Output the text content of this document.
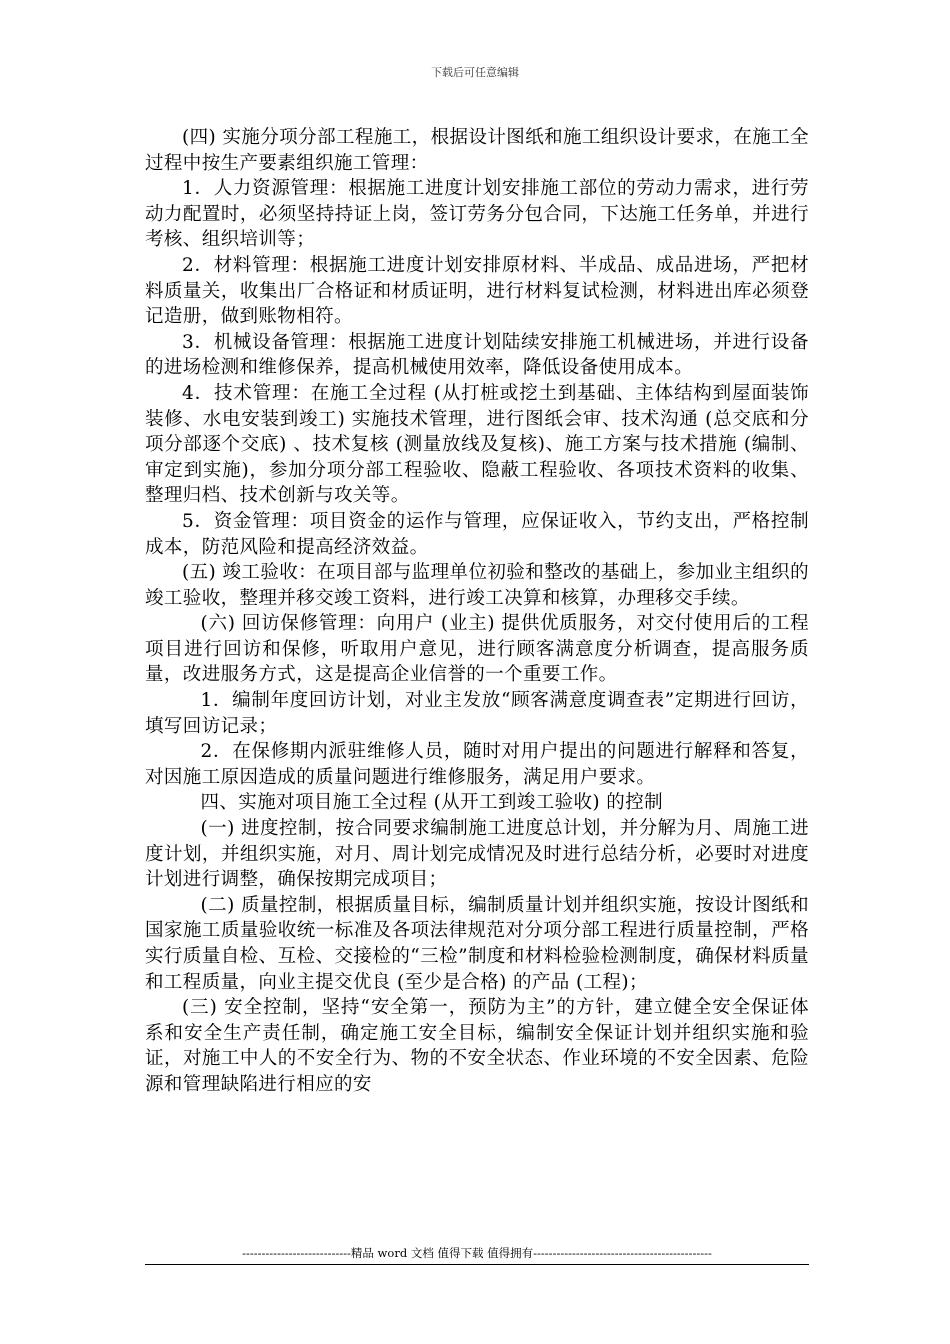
下载后可任意编辑

(四) 实施分项分部工程施工，根据设计图纸和施工组织设计要求，在施工全过程中按生产要素组织施工管理：

1．人力资源管理：根据施工进度计划安排施工部位的劳动力需求，进行劳动力配置时，必须坚持持证上岗，签订劳务分包合同，下达施工任务单，并进行考核、组织培训等；

2．材料管理：根据施工进度计划安排原材料、半成品、成品进场，严把材料质量关，收集出厂合格证和材质证明，进行材料复试检测，材料进出库必须登记造册，做到账物相符。

3．机械设备管理：根据施工进度计划陆续安排施工机械进场，并进行设备的进场检测和维修保养，提高机械使用效率，降低设备使用成本。

4．技术管理：在施工全过程 (从打桩或挖土到基础、主体结构到屋面装饰装修、水电安装到竣工) 实施技术管理，进行图纸会审、技术沟通 (总交底和分项分部逐个交底) 、技术复核 (测量放线及复核)、施工方案与技术措施 (编制、审定到实施)，参加分项分部工程验收、隐蔽工程验收、各项技术资料的收集、整理归档、技术创新与攻关等。

5．资金管理：项目资金的运作与管理，应保证收入，节约支出，严格控制成本，防范风险和提高经济效益。

(五) 竣工验收：在项目部与监理单位初验和整改的基础上，参加业主组织的竣工验收，整理并移交竣工资料，进行竣工决算和核算，办理移交手续。

(六) 回访保修管理：向用户 (业主) 提供优质服务，对交付使用后的工程项目进行回访和保修，听取用户意见，进行顾客满意度分析调查，提高服务质量，改进服务方式，这是提高企业信誉的一个重要工作。

1．编制年度回访计划，对业主发放“顾客满意度调查表”定期进行回访，填写回访记录；

2．在保修期内派驻维修人员，随时对用户提出的问题进行解释和答复，对因施工原因造成的质量问题进行维修服务，满足用户要求。

四、实施对项目施工全过程 (从开工到竣工验收) 的控制

(一) 进度控制，按合同要求编制施工进度总计划，并分解为月、周施工进度计划，并组织实施，对月、周计划完成情况及时进行总结分析，必要时对进度计划进行调整，确保按期完成项目；

(二) 质量控制，根据质量目标，编制质量计划并组织实施，按设计图纸和国家施工质量验收统一标准及各项法律规范对分项分部工程进行质量控制，严格实行质量自检、互检、交接检的“三检”制度和材料检验检测制度，确保材料质量和工程质量，向业主提交优良 (至少是合格) 的产品 (工程)；

(三) 安全控制，坚持“安全第一，预防为主”的方针，建立健全安全保证体系和安全生产责任制，确定施工安全目标，编制安全保证计划并组织实施和验证，对施工中人的不安全行为、物的不安全状态、作业环境的不安全因素、危险源和管理缺陷进行相应的安

----------------------------精品 word 文档 值得下载 值得拥有----------------------------------------------
